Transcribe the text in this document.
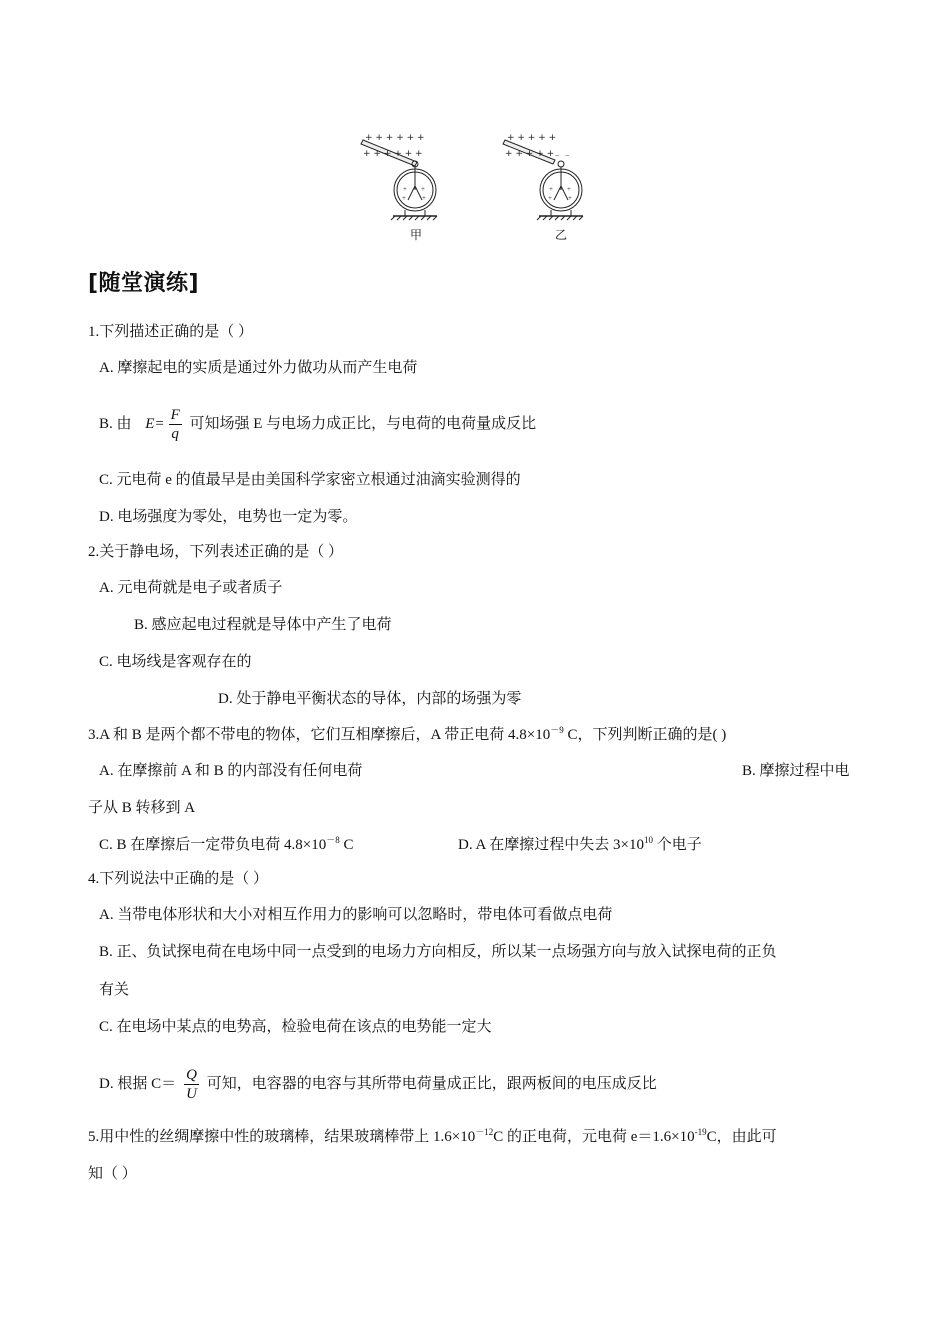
+ + + + + +
+ + + + + +
+ +
+ +
+ + + + +
+ + + + + − −
+ +
+ +
甲	乙
[随堂演练]
1.下列描述正确的是（ ）
A. 摩擦起电的实质是通过外力做功从而产生电荷
B. 由 $E= \frac{F}{q}$ 可知场强 E 与电场力成正比，与电荷的电荷量成反比
C. 元电荷 e 的值最早是由美国科学家密立根通过油滴实验测得的
D. 电场强度为零处，电势也一定为零。
2.关于静电场，下列表述正确的是（ ）
A. 元电荷就是电子或者质子
B. 感应起电过程就是导体中产生了电荷
C. 电场线是客观存在的
D. 处于静电平衡状态的导体，内部的场强为零
3.A 和 B 是两个都不带电的物体，它们互相摩擦后，A 带正电荷 $4.8\times 10^{-9}$ C，下列判断正确的是( )
A. 在摩擦前 A 和 B 的内部没有任何电荷	B. 摩擦过程中电
子从 B 转移到 A
C. B 在摩擦后一定带负电荷 $4.8\times 10^{-8}$ C	D. A 在摩擦过程中失去 $3\times 10^{10}$ 个电子
4.下列说法中正确的是（ ）
A. 当带电体形状和大小对相互作用力的影响可以忽略时，带电体可看做点电荷
B. 正、负试探电荷在电场中同一点受到的电场力方向相反，所以某一点场强方向与放入试探电荷的正负
有关
C. 在电场中某点的电势高，检验电荷在该点的电势能一定大
D. 根据 $C= \frac{Q}{U}$ 可知，电容器的电容与其所带电荷量成正比，跟两板间的电压成反比
5.用中性的丝绸摩擦中性的玻璃棒，结果玻璃棒带上 $1.6\times 10^{-12}C$ 的正电荷，元电荷 $e=1.6\times 10^{-19}C$，由此可
知（ ）
